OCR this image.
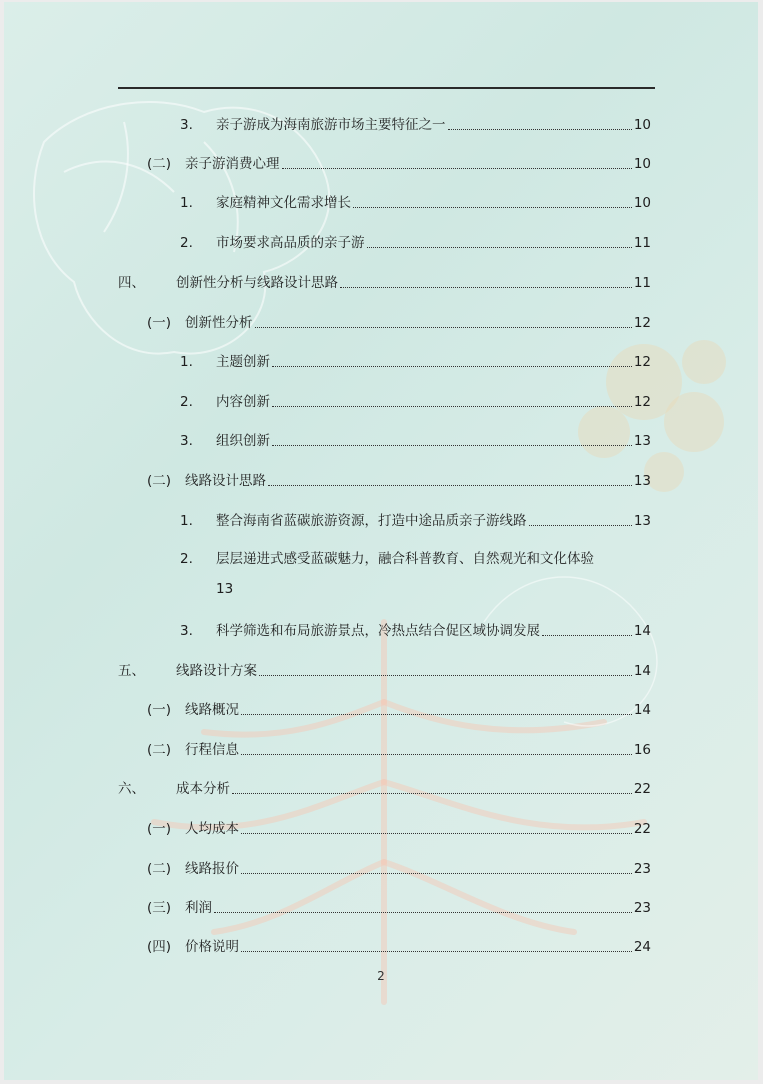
3.	亲子游成为海南旅游市场主要特征之一	10
(二)	亲子游消费心理	10
1.	家庭精神文化需求增长	10
2.	市场要求高品质的亲子游	11
四、	创新性分析与线路设计思路	11
(一)	创新性分析	12
1.	主题创新	12
2.	内容创新	12
3.	组织创新	13
(二)	线路设计思路	13
1.	整合海南省蓝碳旅游资源，打造中途品质亲子游线路	13
2.	层层递进式感受蓝碳魅力，融合科普教育、自然观光和文化体验
13
3.	科学筛选和布局旅游景点，冷热点结合促区域协调发展	14
五、	线路设计方案	14
(一)	线路概况	14
(二)	行程信息	16
六、	成本分析	22
(一)	人均成本	22
(二)	线路报价	23
(三)	利润	23
(四)	价格说明	24
2
